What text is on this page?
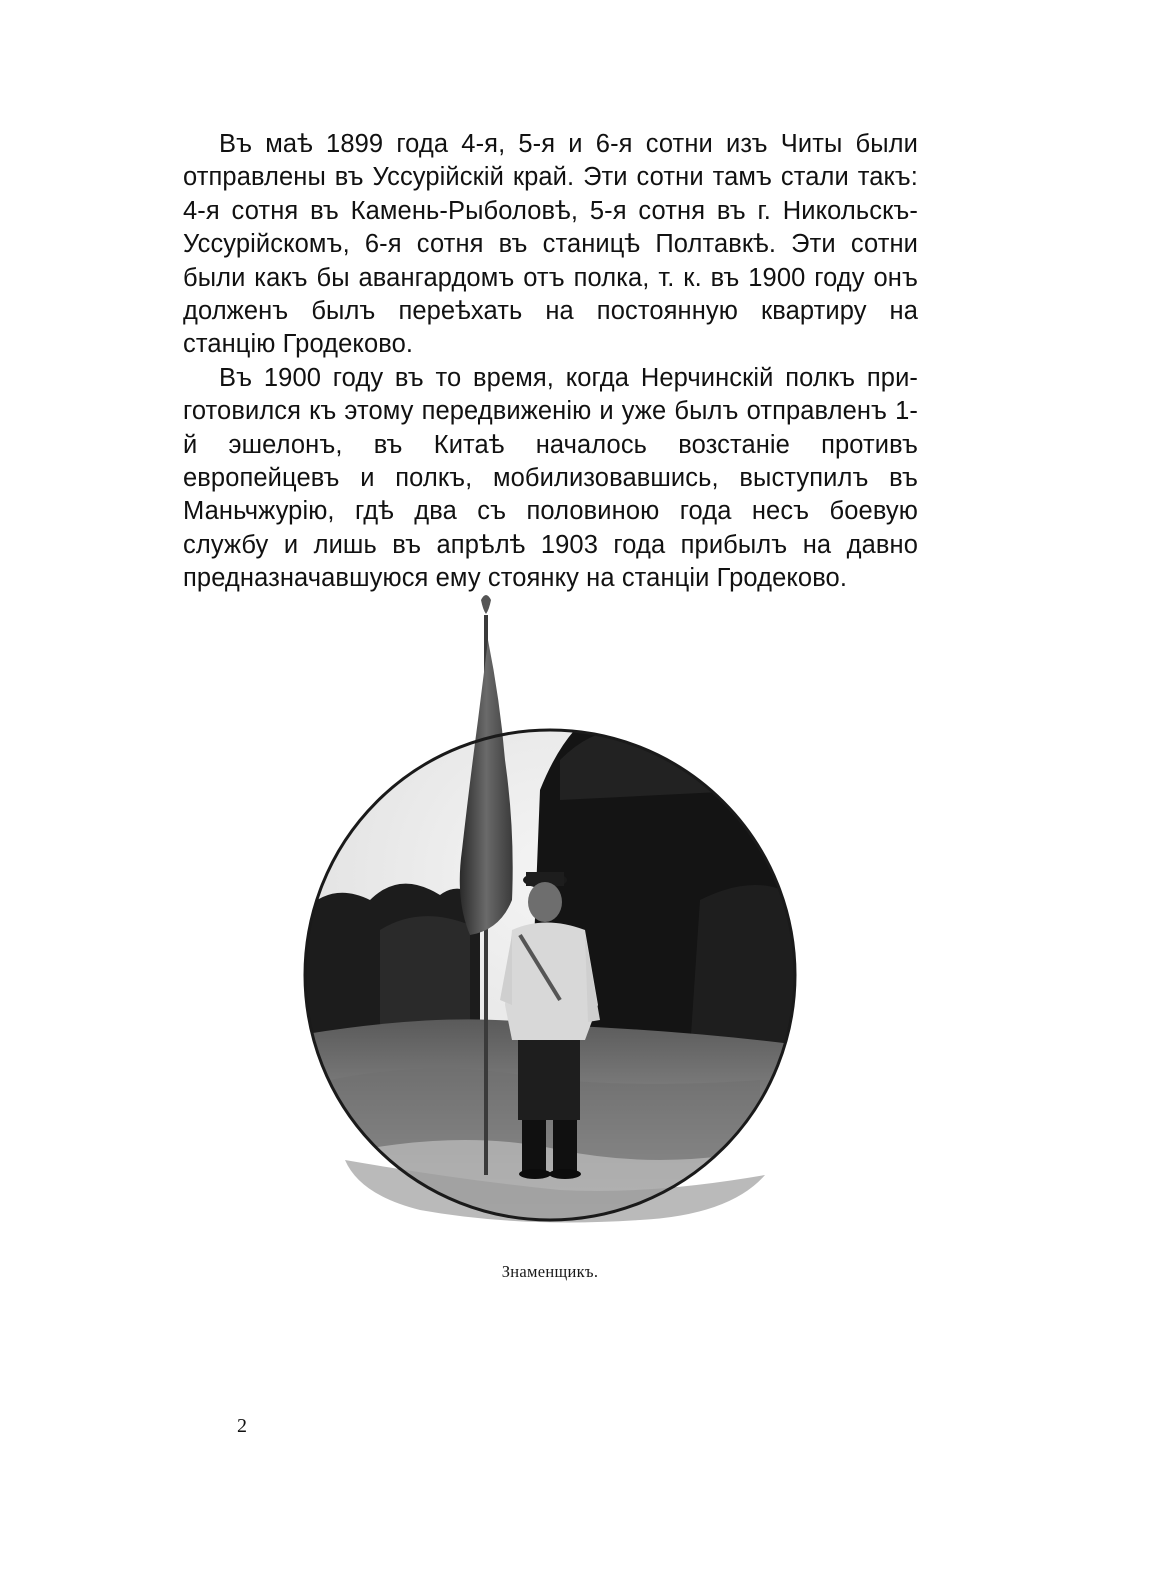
Въ маѣ 1899 года 4-я, 5-я и 6-я сотни изъ Читы были отправлены въ Уссурійскій край. Эти сотни тамъ стали такъ: 4-я сотня въ Камень-Рыболовѣ, 5-я сотня въ г. Никольскъ-Уссурійскомъ, 6-я сотня въ станицѣ Полтавкѣ. Эти сотни были какъ бы авангардомъ отъ полка, т. к. въ 1900 году онъ долженъ былъ переѣхать на постоянную квартиру на станцію Гродеково.

Въ 1900 году въ то время, когда Нерчинскій полкъ при-готовился къ этому передвиженію и уже былъ отправленъ 1-й эшелонъ, въ Китаѣ началось возстаніе противъ европейцевъ и полкъ, мобилизовавшись, выступилъ въ Маньчжурію, гдѣ два съ половиною года несъ боевую службу и лишь въ апрѣлѣ 1903 года прибылъ на давно предназначавшуюся ему стоянку на станціи Гродеково.

Знаменщикъ.
2
